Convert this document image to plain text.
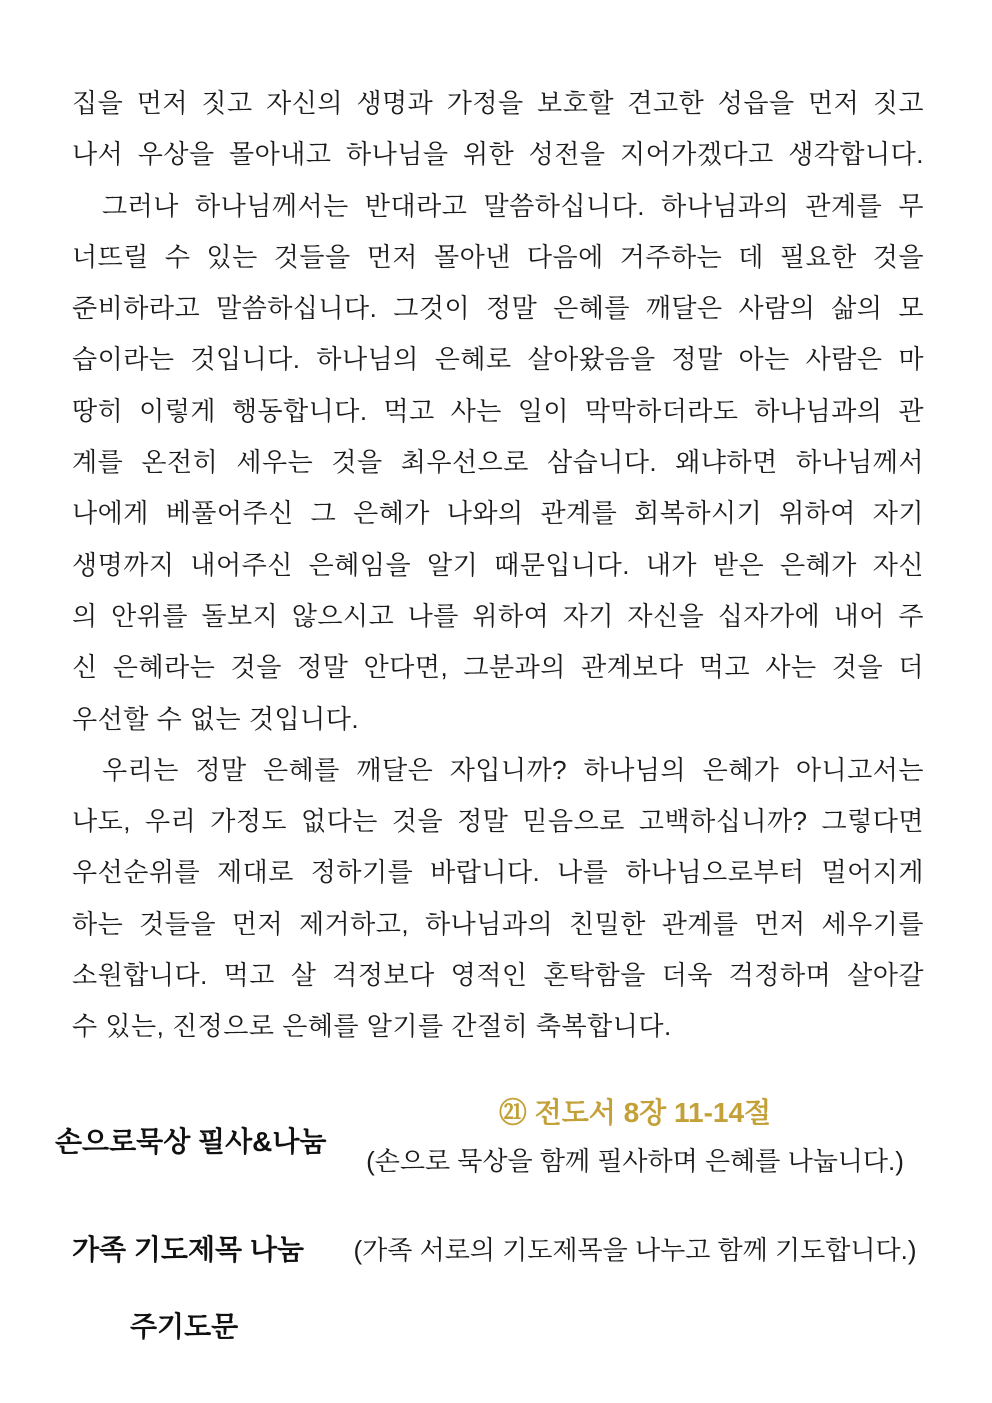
집을 먼저 짓고 자신의 생명과 가정을 보호할 견고한 성읍을 먼저 짓고
나서 우상을 몰아내고 하나님을 위한 성전을 지어가겠다고 생각합니다.
그러나 하나님께서는 반대라고 말씀하십니다. 하나님과의 관계를 무
너뜨릴 수 있는 것들을 먼저 몰아낸 다음에 거주하는 데 필요한 것을
준비하라고 말씀하십니다. 그것이 정말 은혜를 깨달은 사람의 삶의 모
습이라는 것입니다. 하나님의 은혜로 살아왔음을 정말 아는 사람은 마
땅히 이렇게 행동합니다. 먹고 사는 일이 막막하더라도 하나님과의 관
계를 온전히 세우는 것을 최우선으로 삼습니다. 왜냐하면 하나님께서
나에게 베풀어주신 그 은혜가 나와의 관계를 회복하시기 위하여 자기
생명까지 내어주신 은혜임을 알기 때문입니다. 내가 받은 은혜가 자신
의 안위를 돌보지 않으시고 나를 위하여 자기 자신을 십자가에 내어 주
신 은혜라는 것을 정말 안다면, 그분과의 관계보다 먹고 사는 것을 더
우선할 수 없는 것입니다.
우리는 정말 은혜를 깨달은 자입니까? 하나님의 은혜가 아니고서는
나도, 우리 가정도 없다는 것을 정말 믿음으로 고백하십니까? 그렇다면
우선순위를 제대로 정하기를 바랍니다. 나를 하나님으로부터 멀어지게
하는 것들을 먼저 제거하고, 하나님과의 친밀한 관계를 먼저 세우기를
소원합니다. 먹고 살 걱정보다 영적인 혼탁함을 더욱 걱정하며 살아갈
수 있는, 진정으로 은혜를 알기를 간절히 축복합니다.
손으로묵상 필사&나눔
㉑ 전도서 8장 11-14절
(손으로 묵상을 함께 필사하며 은혜를 나눕니다.)
가족 기도제목 나눔	(가족 서로의 기도제목을 나누고 함께 기도합니다.)
주기도문
